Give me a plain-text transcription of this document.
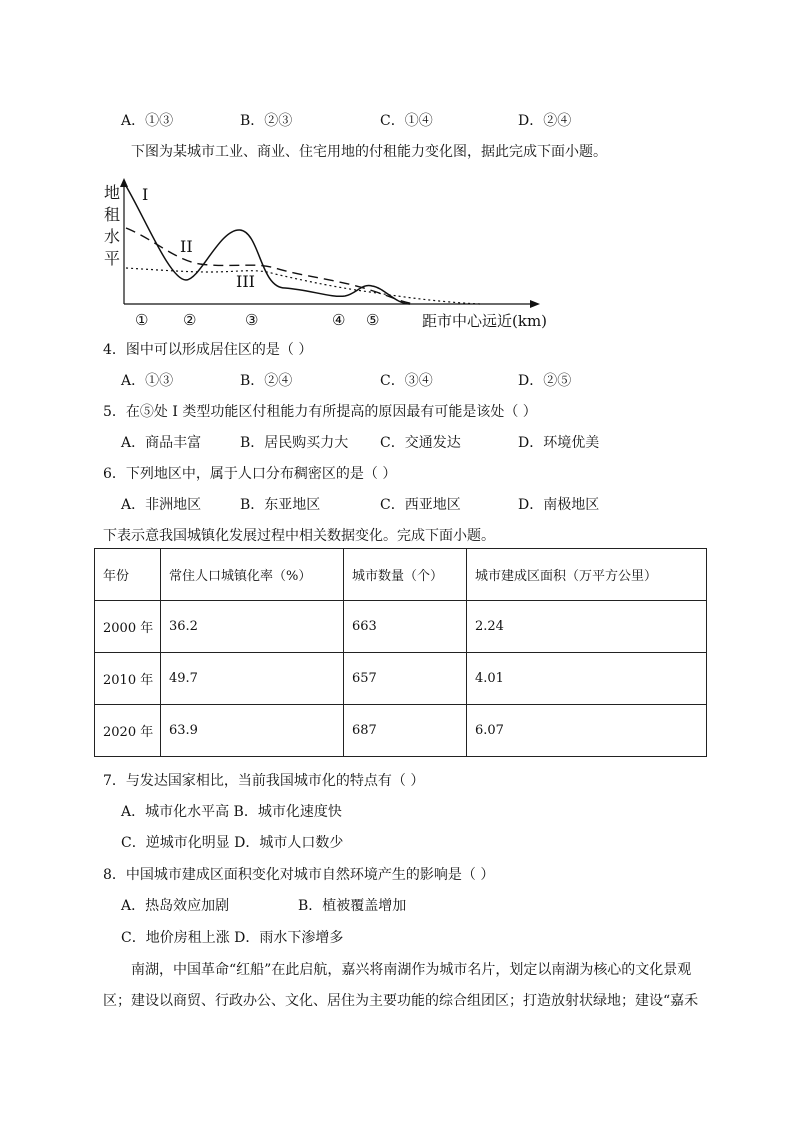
A．①③	B．②③	C．①④	D．②④
下图为某城市工业、商业、住宅用地的付租能力变化图，据此完成下面小题。
地
租
水
平
I
II
III
① ②	③	④ ⑤	距市中心远近(km)
4．图中可以形成居住区的是（ ）
A．①③	B．②④	C．③④	D．②⑤
5．在⑤处 I 类型功能区付租能力有所提高的原因最有可能是该处（ ）
A．商品丰富	B．居民购买力大 C．交通发达	D．环境优美
6．下列地区中，属于人口分布稠密区的是（ ）
A．非洲地区	B．东亚地区	C．西亚地区	D．南极地区
下表示意我国城镇化发展过程中相关数据变化。完成下面小题。
年份	常住人口城镇化率（%）	城市数量（个）	城市建成区面积（万平方公里）
2000 年	36.2	663	2.24
2010 年	49.7	657	4.01
2020 年	63.9	687	6.07
7．与发达国家相比，当前我国城市化的特点有（ ）
A．城市化水平高 B．城市化速度快
C．逆城市化明显 D．城市人口数少
8．中国城市建成区面积变化对城市自然环境产生的影响是（ ）
A．热岛效应加剧	B．植被覆盖增加
C．地价房租上涨 D．雨水下渗增多
南湖，中国革命“红船”在此启航，嘉兴将南湖作为城市名片，划定以南湖为核心的文化景观
区；建设以商贸、行政办公、文化、居住为主要功能的综合组团区；打造放射状绿地；建设“嘉禾
